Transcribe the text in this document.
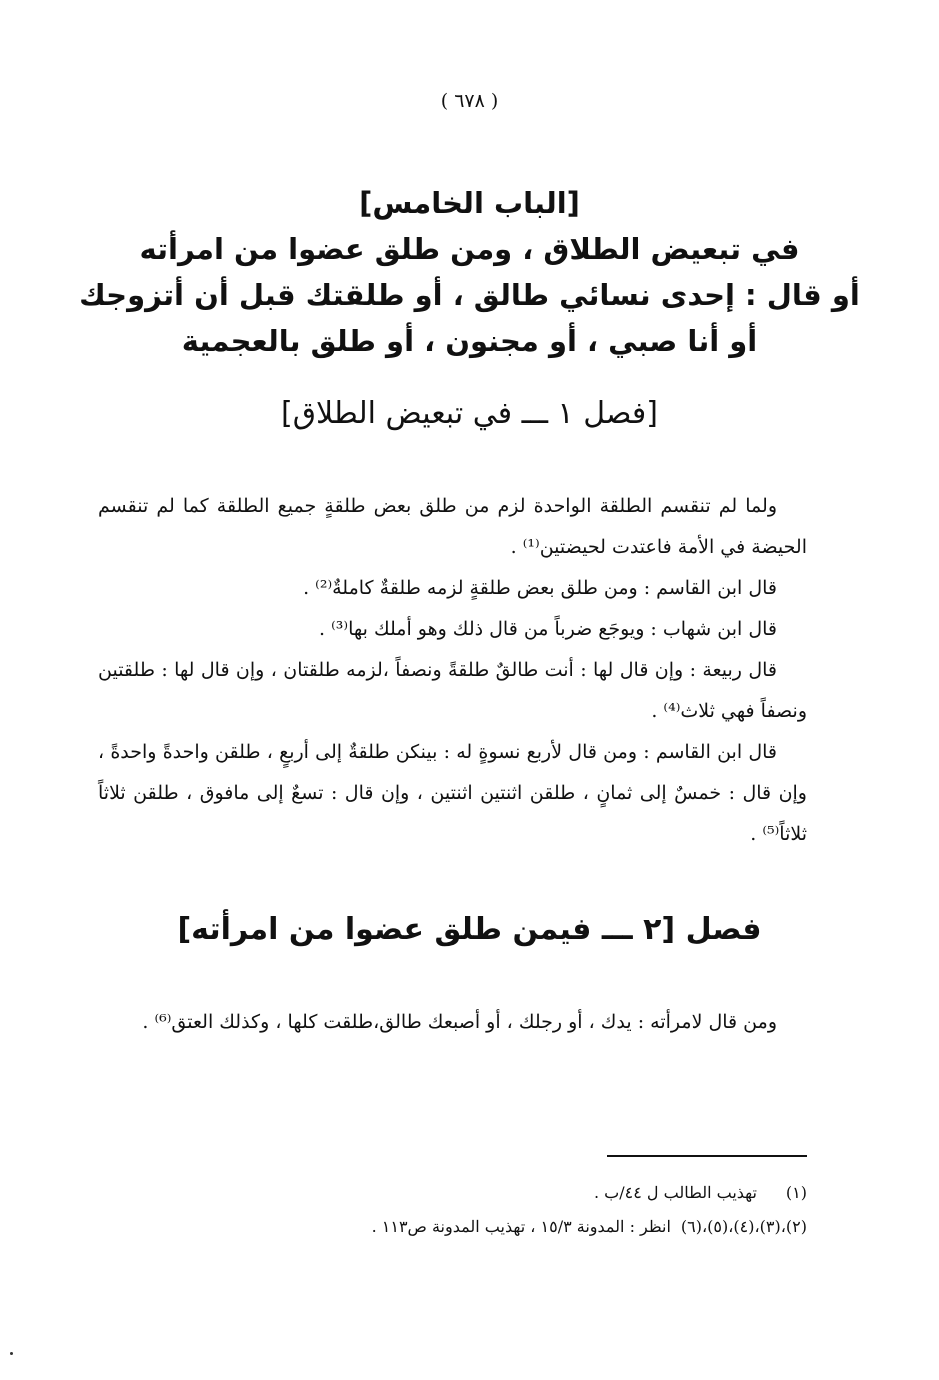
( ٦٧٨ )
[الباب الخامس]
في تبعيض الطلاق ، ومن طلق عضوا من امرأته
أو قال : إحدى نسائي طالق ، أو طلقتك قبل أن أتزوجك
أو أنا صبي ، أو مجنون ، أو طلق بالعجمية
[فصل ١ ـــ في تبعيض الطلاق]

ولما لم تنقسم الطلقة الواحدة لزم من طلق بعض طلقةٍ جميع الطلقة كما لم تنقسم الحيضة في الأمة فاعتدت لحيضتين⁽¹⁾ .

قال ابن القاسم : ومن طلق بعض طلقةٍ لزمه طلقةٌ كاملةٌ⁽²⁾ .

قال ابن شهاب : ويوجَع ضرباً من قال ذلك وهو أملك بها⁽³⁾ .

قال ربيعة : وإن قال لها : أنت طالقٌ طلقةً ونصفاً ،لزمه طلقتان ، وإن قال لها : طلقتين ونصفاً فهي ثلاث⁽⁴⁾ .

قال ابن القاسم : ومن قال لأربع نسوةٍ له : بينكن طلقةٌ إلى أربعٍ ، طلقن واحدةً واحدةً ، وإن قال : خمسٌ إلى ثمانٍ ، طلقن اثنتين اثنتين ، وإن قال : تسعٌ إلى مافوق ، طلقن ثلاثاً ثلاثاً⁽⁵⁾ .

فصل [٢ ـــ فيمن طلق عضوا من امرأته]

ومن قال لامرأته : يدك ، أو رجلك ، أو أصبعك طالق،طلقت كلها ، وكذلك العتق⁽⁶⁾ .

(١)
تهذيب الطالب ل ٤٤/ب .
(٢)،(٣)،(٤)،(٥)،(٦)
انظر : المدونة ١٥/٣ ، تهذيب المدونة ص١١٣ .
